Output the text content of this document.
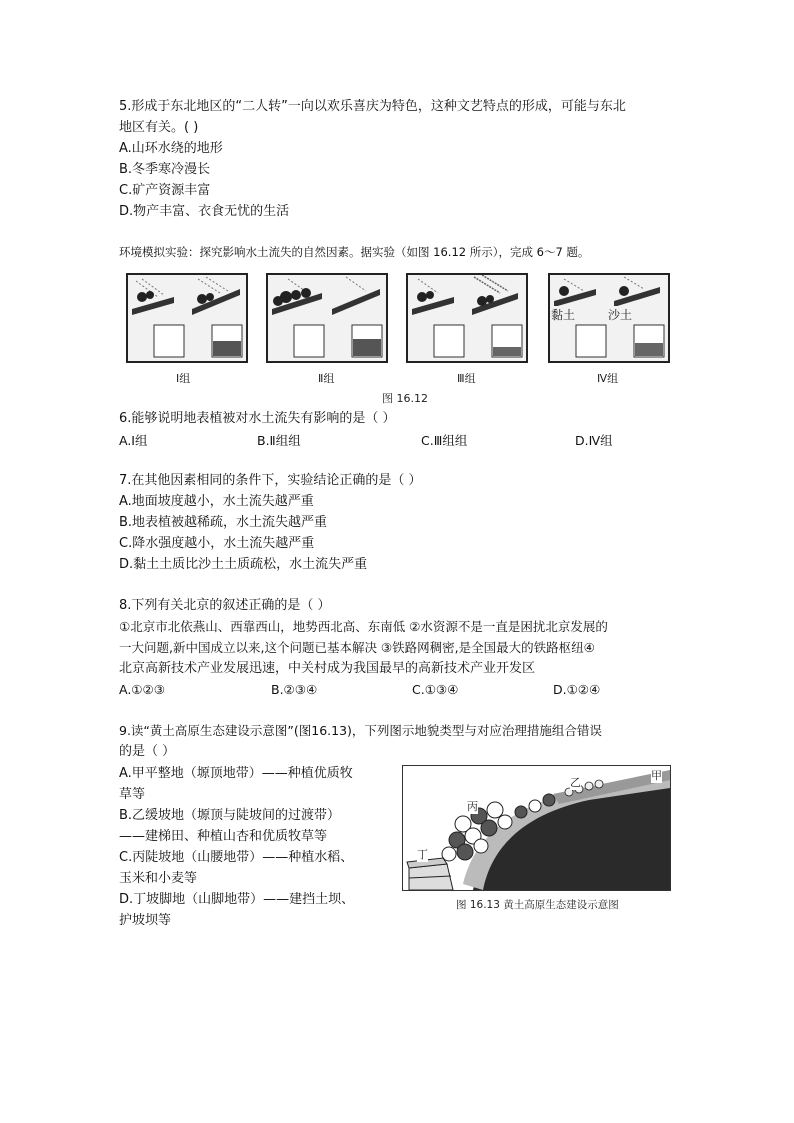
5.形成于东北地区的“二人转”一向以欢乐喜庆为特色，这种文艺特点的形成，可能与东北
地区有关。( )
A.山环水绕的地形
B.冬季寒冷漫长
C.矿产资源丰富
D.物产丰富、衣食无忧的生活
环境模拟实验：探究影响水土流失的自然因素。据实验（如图 16.12 所示），完成 6～7 题。
黏土	沙土
Ⅰ组	Ⅱ组	Ⅲ组	Ⅳ组
图 16.12
6.能够说明地表植被对水土流失有影响的是（ ）
A.Ⅰ组	B.Ⅱ组组	C.Ⅲ组组	D.Ⅳ组
7.在其他因素相同的条件下，实验结论正确的是（ ）
A.地面坡度越小，水土流失越严重
B.地表植被越稀疏，水土流失越严重
C.降水强度越小，水土流失越严重
D.黏土土质比沙土土质疏松，水土流失严重
8.下列有关北京的叙述正确的是（ ）
①北京市北依燕山、西靠西山，地势西北高、东南低 ②水资源不是一直是困扰北京发展的
一大问题,新中国成立以来,这个问题已基本解决 ③铁路网稠密,是全国最大的铁路枢纽④
北京高新技术产业发展迅速，中关村成为我国最早的高新技术产业开发区
A.①②③	B.②③④	C.①③④	D.①②④
9.读“黄土高原生态建设示意图”(图16.13)，下列图示地貌类型与对应治理措施组合错误
的是（ ）
A.甲平整地（塬顶地带）——种植优质牧
草等
B.乙缓坡地（塬顶与陡坡间的过渡带）
——建梯田、种植山杏和优质牧草等
C.丙陡坡地（山腰地带）——种植水稻、
玉米和小麦等
D.丁坡脚地（山脚地带）——建挡土坝、
护坡坝等
甲
乙
丙
丁
图 16.13 黄土高原生态建设示意图
